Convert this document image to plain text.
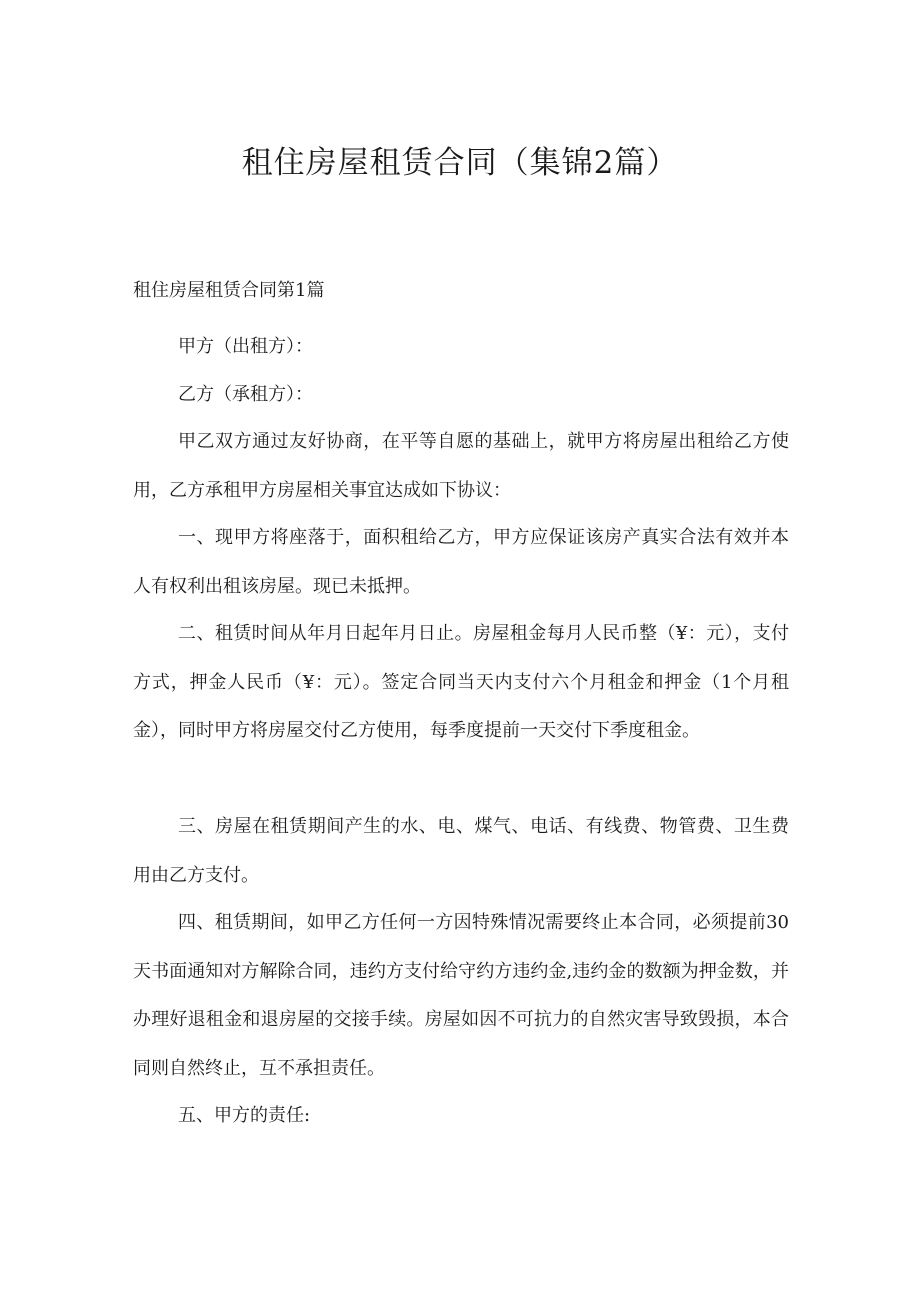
租住房屋租赁合同（集锦2篇）

租住房屋租赁合同第1篇

甲方（出租方）：

乙方（承租方）：

甲乙双方通过友好协商，在平等自愿的基础上，就甲方将房屋出租给乙方使用，乙方承租甲方房屋相关事宜达成如下协议：

一、现甲方将座落于，面积租给乙方，甲方应保证该房产真实合法有效并本人有权利出租该房屋。现已未抵押。

二、租赁时间从年月日起年月日止。房屋租金每月人民币整（¥：元），支付方式，押金人民币（¥：元）。签定合同当天内支付六个月租金和押金（1个月租金），同时甲方将房屋交付乙方使用，每季度提前一天交付下季度租金。

三、房屋在租赁期间产生的水、电、煤气、电话、有线费、物管费、卫生费用由乙方支付。

四、租赁期间，如甲乙方任何一方因特殊情况需要终止本合同，必须提前30天书面通知对方解除合同，违约方支付给守约方违约金,违约金的数额为押金数，并办理好退租金和退房屋的交接手续。房屋如因不可抗力的自然灾害导致毁损，本合同则自然终止，互不承担责任。

五、甲方的责任:
